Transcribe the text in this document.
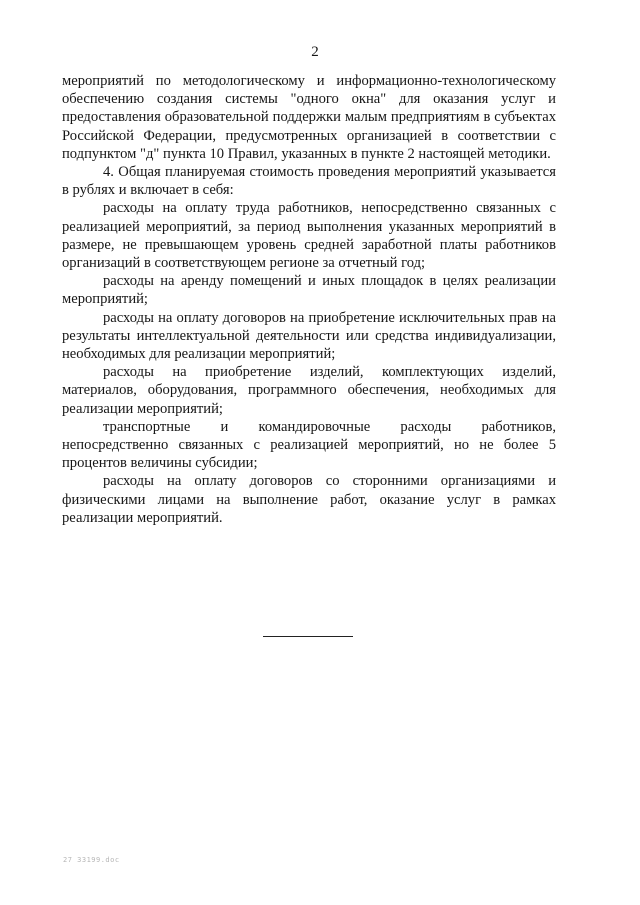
2

мероприятий по методологическому и информационно-технологическому обеспечению создания системы "одного окна" для оказания услуг и предоставления образовательной поддержки малым предприятиям в субъектах Российской Федерации, предусмотренных организацией в соответствии с подпунктом "д" пункта 10 Правил, указанных в пункте 2 настоящей методики.

4. Общая планируемая стоимость проведения мероприятий указывается в рублях и включает в себя:

расходы на оплату труда работников, непосредственно связанных с реализацией мероприятий, за период выполнения указанных мероприятий в размере, не превышающем уровень средней заработной платы работников организаций в соответствующем регионе за отчетный год;

расходы на аренду помещений и иных площадок в целях реализации мероприятий;

расходы на оплату договоров на приобретение исключительных прав на результаты интеллектуальной деятельности или средства индивидуализации, необходимых для реализации мероприятий;

расходы на приобретение изделий, комплектующих изделий, материалов, оборудования, программного обеспечения, необходимых для реализации мероприятий;

транспортные и командировочные расходы работников, непосредственно связанных с реализацией мероприятий, но не более 5 процентов величины субсидии;

расходы на оплату договоров со сторонними организациями и физическими лицами на выполнение работ, оказание услуг в рамках реализации мероприятий.

27 33199.doc
